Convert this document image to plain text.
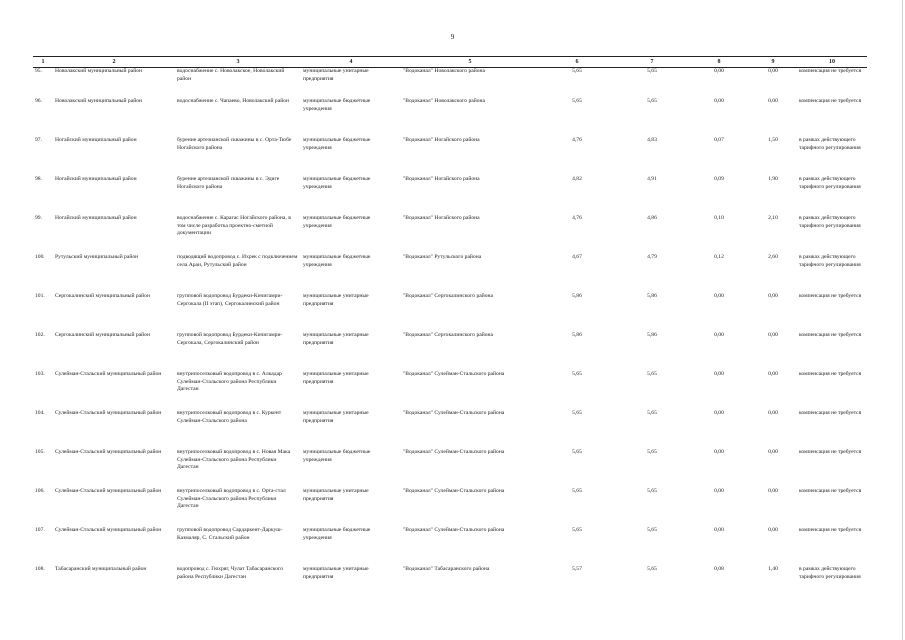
9
1	2	3	4	5	6	7	8	9	10
95.	Новолакский муниципальный район	водоснабжение с. Новолакское, Новолакский район	муниципальные унитарные предприятия	"Водоканал" Новолакского района	5,65	5,65	0,00	0,00	компенсация не требуется
96.	Новолакский муниципальный район	водоснабжение с. Чапаево, Новолакский район	муниципальные бюджетные учреждения	"Водоканал" Новолакского района	5,65	5,65	0,00	0,00	компенсация не требуется
97.	Ногайский муниципальный район	бурение артезианской скважины в с. Орта-Тюбе Ногайского района	муниципальные бюджетные учреждения	"Водоканал" Ногайского района	4,76	4,83	0,07	1,50	в рамках действующего тарифного регулирования
98.	Ногайский муниципальный район	бурение артезианской скважины в с. Эдиге Ногайского района	муниципальные бюджетные учреждения	"Водоканал" Ногайского района	4,82	4,91	0,09	1,90	в рамках действующего тарифного регулирования
99.	Ногайский муниципальный район	водоснабжение с. Карагас Ногайского района, в том числе разработка проектно-сметной документации	муниципальные бюджетные учреждения	"Водоканал" Ногайского района	4,76	4,86	0,10	2,10	в рамках действующего тарифного регулирования
100.	Рутульский муниципальный район	подводящий водопровод с. Ихрек с подключением села Араи, Рутульский район	муниципальные бюджетные учреждения	"Водоканал" Рутульского района	4,67	4,79	0,12	2,60	в рамках действующего тарифного регулирования
101.	Сергокалинский муниципальный район	групповой водопровод Бурдеки-Кичигамри-Сергокала (II этап), Сергокалинский район	муниципальные унитарные предприятия	"Водоканал" Сергокалинского района	5,86	5,86	0,00	0,00	компенсация не требуется
102.	Сергокалинский муниципальный район	групповой водопровод Бурдеки-Кичигамри-Сергокала, Сергокалинский район	муниципальные унитарные предприятия	"Водоканал" Сергокалинского района	5,86	5,86	0,00	0,00	компенсация не требуется
103.	Сулейман-Стальский муниципальный район	внутрипоселковый водопровод в с. Алкадар Сулейман-Стальского района Республики Дагестан	муниципальные унитарные предприятия	"Водоканал" Сулейман-Стальского района	5,65	5,65	0,00	0,00	компенсация не требуется
104.	Сулейман-Стальский муниципальный район	внутрипоселковый водопровод в с. Куркент Сулейман-Стальского района	муниципальные унитарные предприятия	"Водоканал" Сулейман-Стальского района	5,65	5,65	0,00	0,00	компенсация не требуется
105.	Сулейман-Стальский муниципальный район	внутрипоселковый водопровод в с. Новая Мака Сулейман-Стальского района Республики Дагестан	муниципальные бюджетные учреждения	"Водоканал" Сулейман-Стальского района	5,65	5,65	0,00	0,00	компенсация не требуется
106.	Сулейман-Стальский муниципальный район	внутрипоселковый водопровод в с. Орта-стал Сулейман-Стальского района Республики Дагестан	муниципальные унитарные предприятия	"Водоканал" Сулейман-Стальского района	5,65	5,65	0,00	0,00	компенсация не требуется
107.	Сулейман-Стальский муниципальный район	групповой водопровод Сардаркент-Даркуш-Казмаляр, С. Стальский район	муниципальные бюджетные учреждения	"Водоканал" Сулейман-Стальского района	5,65	5,65	0,00	0,00	компенсация не требуется
108.	Табасаранский муниципальный район	водопровод с. Гюхряг, Чулат Табасаранского района Республики Дагестан	муниципальные унитарные предприятия	"Водоканал" Табасаранского района	5,57	5,65	0,08	1,40	в рамках действующего тарифного регулирования
